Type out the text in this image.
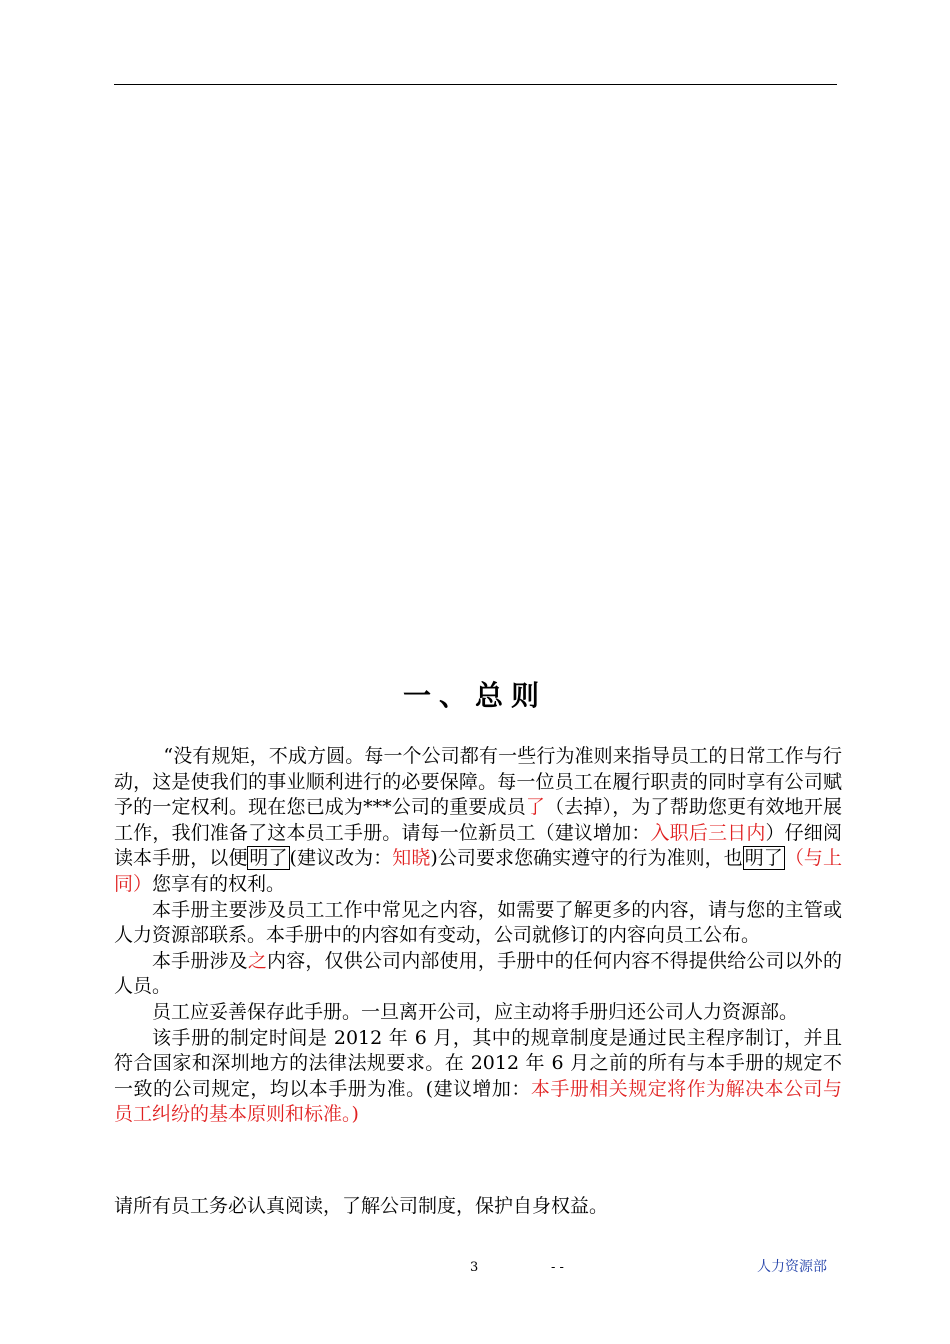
一、总则

“没有规矩，不成方圆。每一个公司都有一些行为准则来指导员工的日常工作与行动，这是使我们的事业顺利进行的必要保障。每一位员工在履行职责的同时享有公司赋予的一定权利。现在您已成为***公司的重要成员了（去掉），为了帮助您更有效地开展工作，我们准备了这本员工手册。请每一位新员工（建议增加：入职后三日内）仔细阅读本手册，以便 明了 (建议改为：知晓)公司要求您确实遵守的行为准则，也 明了 （与上同）您享有的权利。

本手册主要涉及员工工作中常见之内容，如需要了解更多的内容，请与您的主管或人力资源部联系。本手册中的内容如有变动，公司就修订的内容向员工公布。

本手册涉及之内容，仅供公司内部使用，手册中的任何内容不得提供给公司以外的人员。

员工应妥善保存此手册。一旦离开公司，应主动将手册归还公司人力资源部。

该手册的制定时间是 2012 年 6 月，其中的规章制度是通过民主程序制订，并且符合国家和深圳地方的法律法规要求。在 2012 年 6 月之前的所有与本手册的规定不一致的公司规定，均以本手册为准。(建议增加：本手册相关规定将作为解决本公司与员工纠纷的基本原则和标准。)

请所有员工务必认真阅读，了解公司制度，保护自身权益。

3	- -	人力资源部
